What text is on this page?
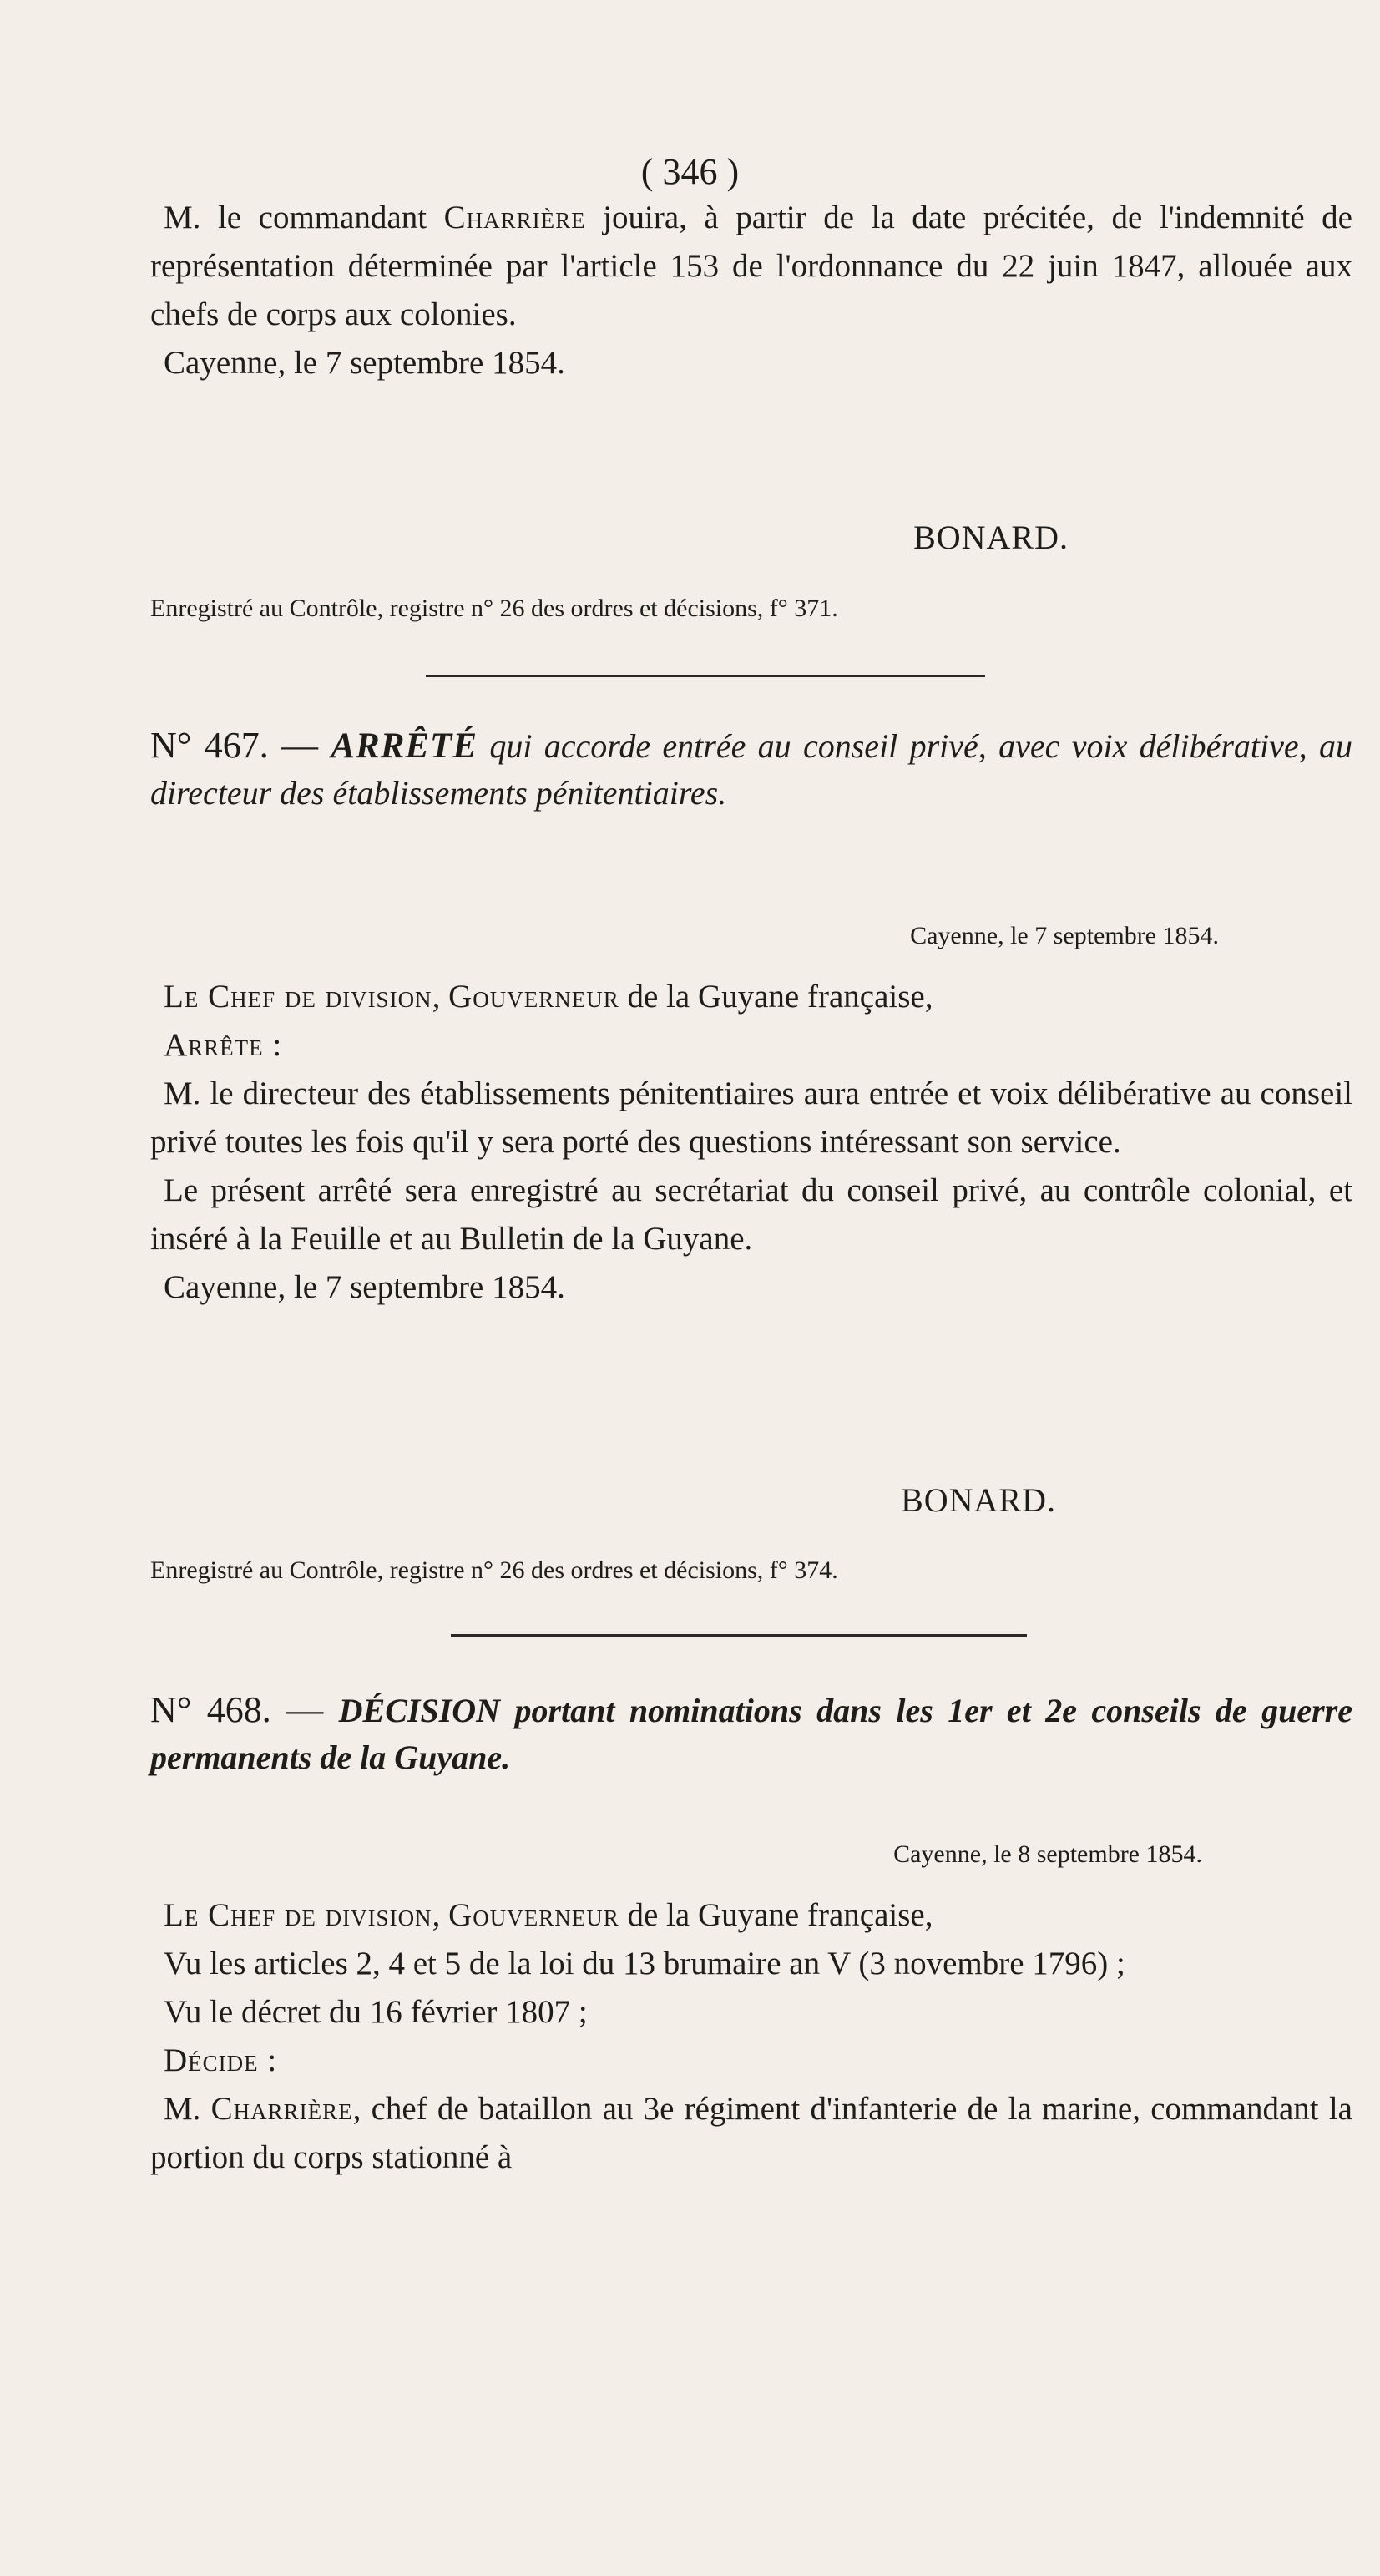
( 346 )

M. le commandant Charrière jouira, à partir de la date précitée, de l'indemnité de représentation déterminée par l'article 153 de l'ordonnance du 22 juin 1847, allouée aux chefs de corps aux colonies.

Cayenne, le 7 septembre 1854.

BONARD.
Enregistré au Contrôle, registre n° 26 des ordres et décisions, f° 371.
N° 467. — ARRÊTÉ qui accorde entrée au conseil privé, avec voix délibérative, au directeur des établissements pénitentiaires.
Cayenne, le 7 septembre 1854.

Le Chef de division, Gouverneur de la Guyane française,

Arrête :

M. le directeur des établissements pénitentiaires aura entrée et voix délibérative au conseil privé toutes les fois qu'il y sera porté des questions intéressant son service.

Le présent arrêté sera enregistré au secrétariat du conseil privé, au contrôle colonial, et inséré à la Feuille et au Bulletin de la Guyane.

Cayenne, le 7 septembre 1854.

BONARD.
Enregistré au Contrôle, registre n° 26 des ordres et décisions, f° 374.
N° 468. — DÉCISION portant nominations dans les 1er et 2e conseils de guerre permanents de la Guyane.
Cayenne, le 8 septembre 1854.

Le Chef de division, Gouverneur de la Guyane française,

Vu les articles 2, 4 et 5 de la loi du 13 brumaire an V (3 novembre 1796) ;

Vu le décret du 16 février 1807 ;

Décide :

M. Charrière, chef de bataillon au 3e régiment d'infanterie de la marine, commandant la portion du corps stationné à
